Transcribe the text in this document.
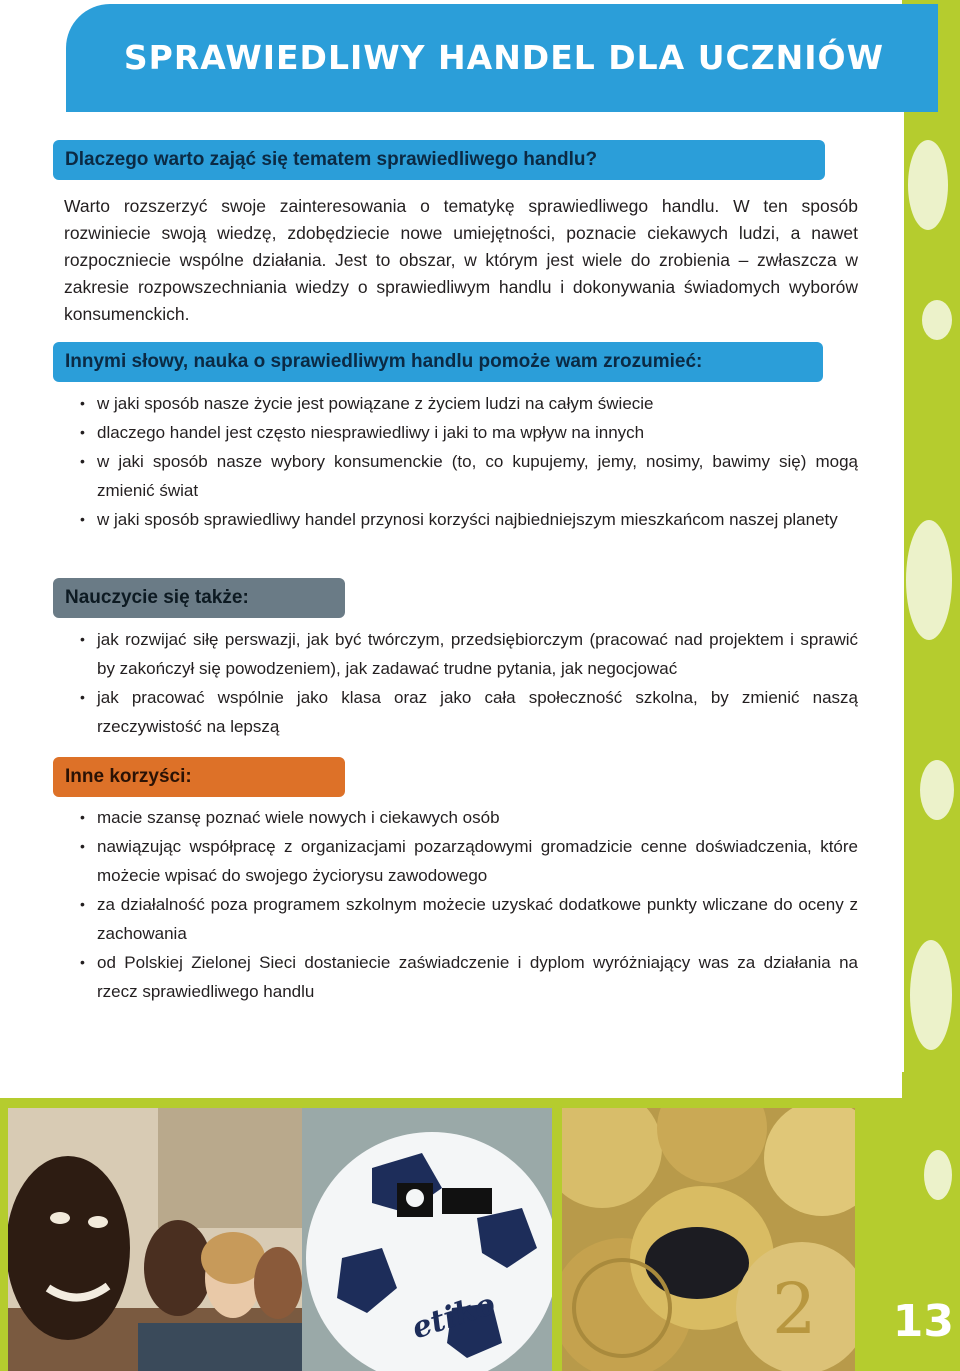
SPRAWIEDLIWY HANDEL DLA UCZNIÓW
Dlaczego warto zająć się tematem sprawiedliwego handlu?

Warto rozszerzyć swoje zainteresowania o tematykę sprawiedliwego handlu. W ten sposób rozwiniecie swoją wiedzę, zdobędziecie nowe umiejętności, poznacie ciekawych ludzi, a nawet rozpoczniecie wspólne działania. Jest to obszar, w którym jest wiele do zrobienia – zwłaszcza w zakresie rozpowszechniania wiedzy o sprawiedliwym handlu i dokonywania świadomych wyborów konsumenckich.

Innymi słowy, nauka o sprawiedliwym handlu pomoże wam zrozumieć:
• w jaki sposób nasze życie jest powiązane z życiem ludzi na całym świecie
• dlaczego handel jest często niesprawiedliwy i jaki to ma wpływ na innych
• w jaki sposób nasze wybory konsumenckie (to, co kupujemy, jemy, nosimy, bawimy się) mogą zmienić świat
• w jaki sposób sprawiedliwy handel przynosi korzyści najbiedniejszym mieszkańcom naszej planety
Nauczycie się także:
• jak rozwijać siłę perswazji, jak być twórczym, przedsiębiorczym (pracować nad projektem i sprawić by zakończył się powodzeniem), jak zadawać trudne pytania, jak negocjować
• jak pracować wspólnie jako klasa oraz jako cała społeczność szkolna, by zmienić naszą rzeczywistość na lepszą
Inne korzyści:
• macie szansę poznać wiele nowych i ciekawych osób
• nawiązując współpracę z organizacjami pozarządowymi gromadzicie cenne doświadczenia, które możecie wpisać do swojego życiorysu zawodowego
• za działalność poza programem szkolnym możecie uzyskać dodatkowe punkty wliczane do oceny z zachowania
• od Polskiej Zielonej Sieci dostaniecie zaświadczenie i dyplom wyróżniający was za działania na rzecz sprawiedliwego handlu
etiko	2 13
